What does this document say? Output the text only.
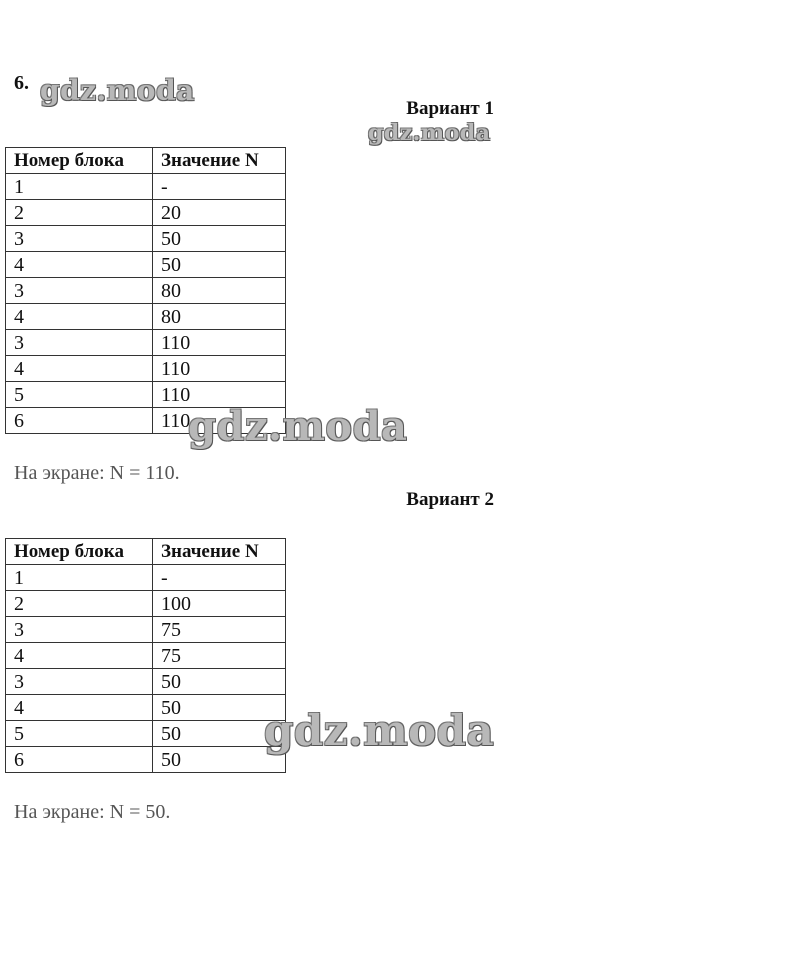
6.
Вариант 1
Номер блока	Значение N
1	-
2	20
3	50
4	50
3	80
4	80
3	110
4	110
5	110
6	110
На экране: N = 110.
Вариант 2
Номер блока	Значение N
1	-
2	100
3	75
4	75
3	50
4	50
5	50
6	50
На экране: N = 50.
gdz.moda
gdz.moda
gdz.moda
gdz.moda
